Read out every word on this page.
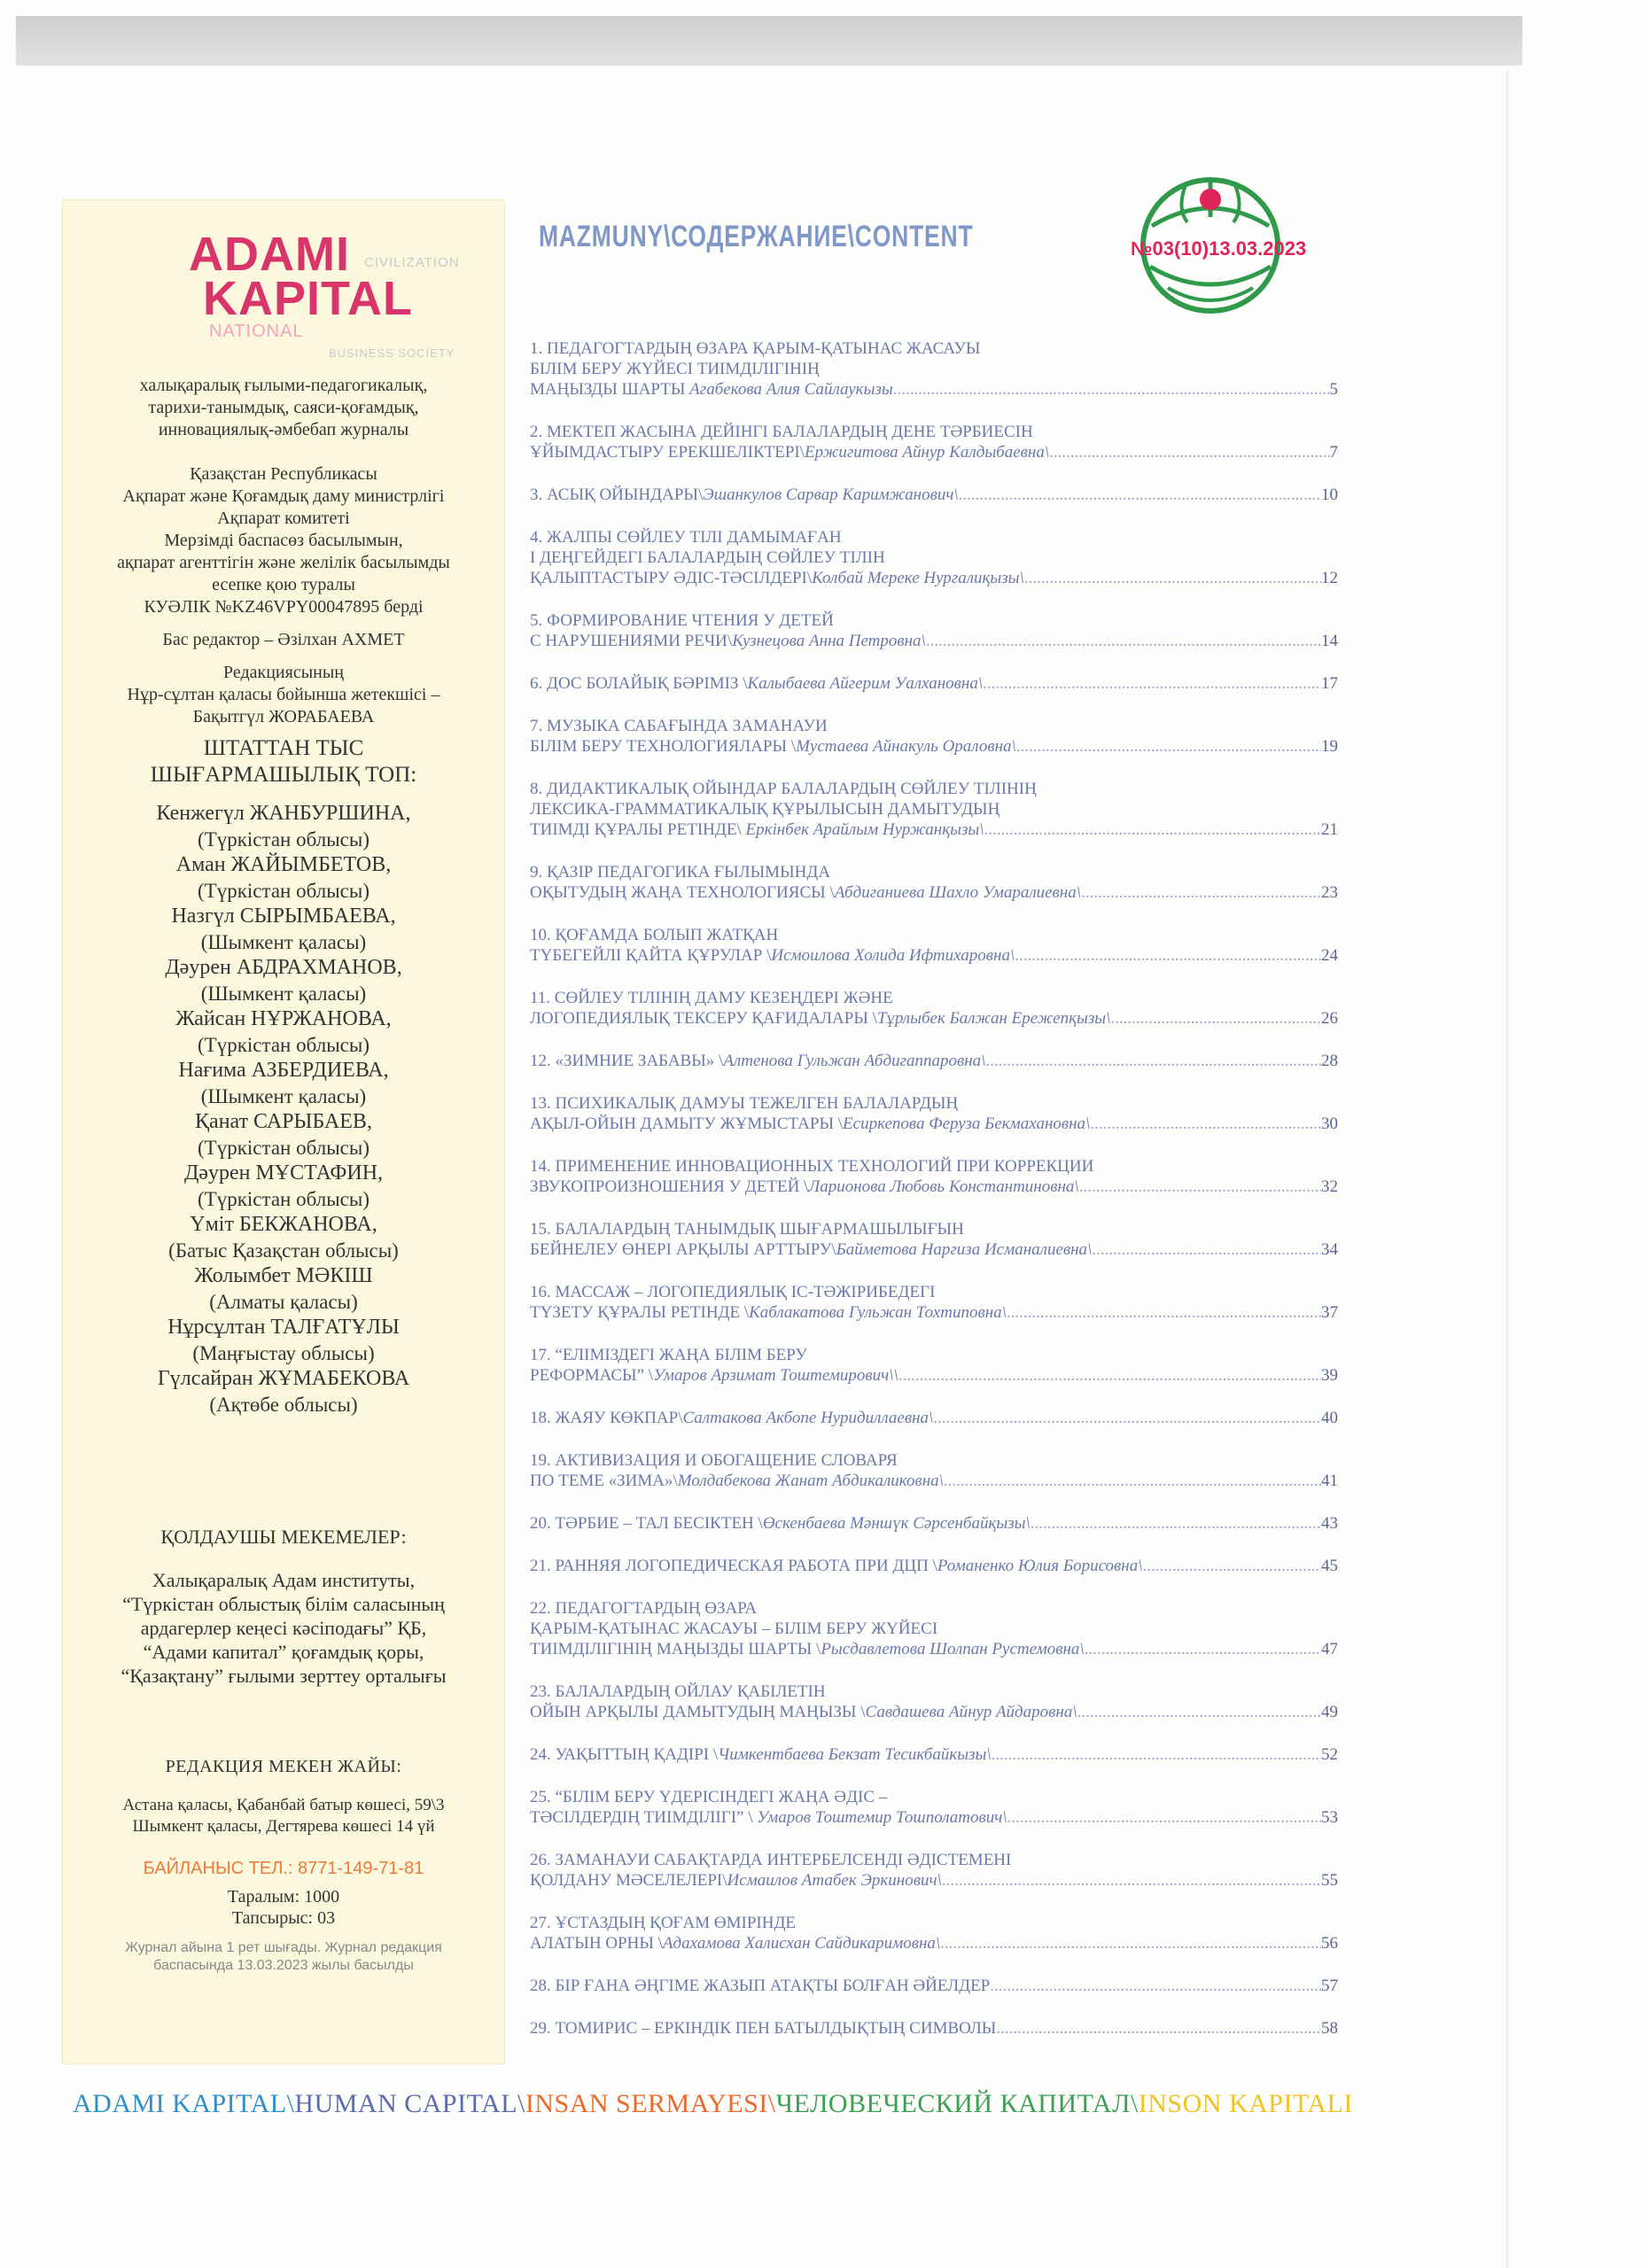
CIVILIZATION
ADAMI
KAPITAL
NATIONAL
BUSINESS SOCIETY
халықаралық ғылыми-педагогикалық,
тарихи-танымдық, саяси-қоғамдық,
инновациялық-әмбебап журналы
Қазақстан Республикасы
Ақпарат және Қоғамдық даму министрлігі
Ақпарат комитеті
Мерзімді баспасөз басылымын,
ақпарат агенттігін және желілік басылымды
есепке қою туралы
КУӘЛІК №KZ46VPY00047895 берді
Бас редактор – Әзілхан АХМЕТ
Редакциясының
Нұр-сұлтан қаласы бойынша жетекшісі –
Бақытгүл ЖОРАБАЕВА
ШТАТТАН ТЫС
ШЫҒАРМАШЫЛЫҚ ТОП:
Кенжегүл ЖАНБУРШИНА,
(Түркістан облысы)
Аман ЖАЙЫМБЕТОВ,
(Түркістан облысы)
Назгүл СЫРЫМБАЕВА,
(Шымкент қаласы)
Дәурен АБДРАХМАНОВ,
(Шымкент қаласы)
Жайсан НҰРЖАНОВА,
(Түркістан облысы)
Нағима АЗБЕРДИЕВА,
(Шымкент қаласы)
Қанат САРЫБАЕВ,
(Түркістан облысы)
Дәурен МҰСТАФИН,
(Түркістан облысы)
Үміт БЕКЖАНОВА,
(Батыс Қазақстан облысы)
Жолымбет МӘКІШ
(Алматы қаласы)
Нұрсұлтан ТАЛҒАТҰЛЫ
(Маңғыстау облысы)
Гүлсайран ЖҰМАБЕКОВА
(Ақтөбе облысы)
ҚОЛДАУШЫ МЕКЕМЕЛЕР:
Халықаралық Адам институты,
“Түркістан облыстық білім саласының
ардагерлер кеңесі кәсіподағы” ҚБ,
“Адами капитал” қоғамдық қоры,
“Қазақтану” ғылыми зерттеу орталығы
РЕДАКЦИЯ МЕКЕН ЖАЙЫ:
Астана қаласы, Қабанбай батыр көшесі, 59\3
Шымкент қаласы, Дегтярева көшесі 14 үй
БАЙЛАНЫС ТЕЛ.: 8771-149-71-81
Таралым: 1000
Тапсырыс: 03
Журнал айына 1 рет шығады. Журнал редакция
баспасында 13.03.2023 жылы басылды
MAZMUNY\СОДЕРЖАНИЕ\CONTENT	№03(10)13.03.2023
1. ПЕДАГОГТАРДЫҢ ӨЗАРА ҚАРЫМ-ҚАТЫНАС ЖАСАУЫ
БІЛІМ БЕРУ ЖҮЙЕСІ ТИІМДІЛІГІНІҢ
МАҢЫЗДЫ ШАРТЫ Агабекова Алия Сайлаукызы .....	5
2. МЕКТЕП ЖАСЫНА ДЕЙІНГІ БАЛАЛАРДЫҢ ДЕНЕ ТӘРБИЕСІН
ҰЙЫМДАСТЫРУ ЕРЕКШЕЛІКТЕРІ\Ержигитова Айнур Калдыбаевна\ .....	7
3. АСЫҚ ОЙЫНДАРЫ\Эшанкулов Сарвар Каримжанович\ .....	10
4. ЖАЛПЫ СӨЙЛЕУ ТІЛІ ДАМЫМАҒАН
І ДЕҢГЕЙДЕГІ БАЛАЛАРДЫҢ СӨЙЛЕУ ТІЛІН
ҚАЛЫПТАСТЫРУ ӘДІС-ТӘСІЛДЕРІ\Колбай Мереке Нургалиқызы\ .....	12
5. ФОРМИРОВАНИЕ ЧТЕНИЯ У ДЕТЕЙ
С НАРУШЕНИЯМИ РЕЧИ\Кузнецова Анна Петровна\ .....	14
6. ДОС БОЛАЙЫҚ БӘРІМІЗ \Калыбаева Айгерим Уалхановна\ .....	17
7. МУЗЫКА САБАҒЫНДА ЗАМАНАУИ
БІЛІМ БЕРУ ТЕХНОЛОГИЯЛАРЫ \Мустаева Айнакуль Ораловна\ .....	19
8. ДИДАКТИКАЛЫҚ ОЙЫНДАР БАЛАЛАРДЫҢ СӨЙЛЕУ ТІЛІНІҢ
ЛЕКСИКА-ГРАММАТИКАЛЫҚ ҚҰРЫЛЫСЫН ДАМЫТУДЫҢ
ТИІМДІ ҚҰРАЛЫ РЕТІНДЕ\ Еркінбек Арайлым Нуржанқызы\ .....	21
9. ҚАЗІР ПЕДАГОГИКА ҒЫЛЫМЫНДА
ОҚЫТУДЫҢ ЖАҢА ТЕХНОЛОГИЯСЫ \Абдиганиева Шахло Умаралиевна\ .....	23
10. ҚОҒАМДА БОЛЫП ЖАТҚАН
ТҮБЕГЕЙЛІ ҚАЙТА ҚҰРУЛАР \Исмоилова Холида Ифтихаровна\ .....	24
11. СӨЙЛЕУ ТІЛІНІҢ ДАМУ КЕЗЕҢДЕРІ ЖӘНЕ
ЛОГОПЕДИЯЛЫҚ ТЕКСЕРУ ҚАҒИДАЛАРЫ \Тұрлыбек Балжан Ережепқызы\ .....	26
12. «ЗИМНИЕ ЗАБАВЫ» \Алтенова Гульжан Абдигаппаровна\ .....	28
13. ПСИХИКАЛЫҚ ДАМУЫ ТЕЖЕЛГЕН БАЛАЛАРДЫҢ
АҚЫЛ-ОЙЫН ДАМЫТУ ЖҰМЫСТАРЫ \Есиркепова Феруза Бекмахановна\ .....	30
14. ПРИМЕНЕНИЕ ИННОВАЦИОННЫХ ТЕХНОЛОГИЙ ПРИ КОРРЕКЦИИ
ЗВУКОПРОИЗНОШЕНИЯ У ДЕТЕЙ \Ларионова Любовь Константиновна\ .....	32
15. БАЛАЛАРДЫҢ ТАНЫМДЫҚ ШЫҒАРМАШЫЛЫҒЫН
БЕЙНЕЛЕУ ӨНЕРІ АРҚЫЛЫ АРТТЫРУ\Байметова Наргиза Исманалиевна\ .....	34
16. МАССАЖ – ЛОГОПЕДИЯЛЫҚ ІС-ТӘЖІРИБЕДЕГІ
ТҮЗЕТУ ҚҰРАЛЫ РЕТІНДЕ \Каблакатова Гульжан Тохтиповна\ .....	37
17. “ЕЛІМІЗДЕГІ ЖАҢА БІЛІМ БЕРУ
РЕФОРМАСЫ” \Умаров Арзимат Тоштемирович\\ .....	39
18. ЖАЯУ КӨКПАР\Салтакова Акбопе Нуридиллаевна\ .....	40
19. АКТИВИЗАЦИЯ И ОБОГАЩЕНИЕ СЛОВАРЯ
ПО ТЕМЕ «ЗИМА»\Молдабекова Жанат Абдикаликовна\ .....	41
20. ТӘРБИЕ – ТАЛ БЕСІКТЕН \Өскенбаева Мәншүк Сәрсенбайқызы\ .....	43
21. РАННЯЯ ЛОГОПЕДИЧЕСКАЯ РАБОТА ПРИ ДЦП \Романенко Юлия Борисовна\ .....	45
22. ПЕДАГОГТАРДЫҢ ӨЗАРА
ҚАРЫМ-ҚАТЫНАС ЖАСАУЫ – БІЛІМ БЕРУ ЖҮЙЕСІ
ТИІМДІЛІГІНІҢ МАҢЫЗДЫ ШАРТЫ \Рысдавлетова Шолпан Рустемовна\ .....	47
23. БАЛАЛАРДЫҢ ОЙЛАУ ҚАБІЛЕТІН
ОЙЫН АРҚЫЛЫ ДАМЫТУДЫҢ МАҢЫЗЫ \Савдашева Айнур Айдаровна\ .....	49
24. УАҚЫТТЫҢ ҚАДІРІ \Чимкентбаева Бекзат Тесикбайкызы\ .....	52
25. “БІЛІМ БЕРУ ҮДЕРІСІНДЕГІ ЖАҢА ӘДІС –
ТӘСІЛДЕРДІҢ ТИІМДІЛІГІ” \ Умаров Тоштемир Тошполатович\ .....	53
26. ЗАМАНАУИ САБАҚТАРДА ИНТЕРБЕЛСЕНДІ ӘДІСТЕМЕНІ
ҚОЛДАНУ МӘСЕЛЕЛЕРІ\Исмаилов Атабек Эркинович\ .....	55
27. ҰСТАЗДЫҢ ҚОҒАМ ӨМІРІНДЕ
АЛАТЫН ОРНЫ \Адахамова Халисхан Сайдикаримовна\ .....	56
28. БІР ҒАНА ӘҢГІМЕ ЖАЗЫП АТАҚТЫ БОЛҒАН ӘЙЕЛДЕР .....	57
29. ТОМИРИС – ЕРКІНДІК ПЕН БАТЫЛДЫҚТЫҢ СИМВОЛЫ .....	58
ADAMI KAPITAL\HUMAN CAPITAL\INSAN SERMAYESI\ЧЕЛОВЕЧЕСКИЙ КАПИТАЛ\INSON KAPITALI
